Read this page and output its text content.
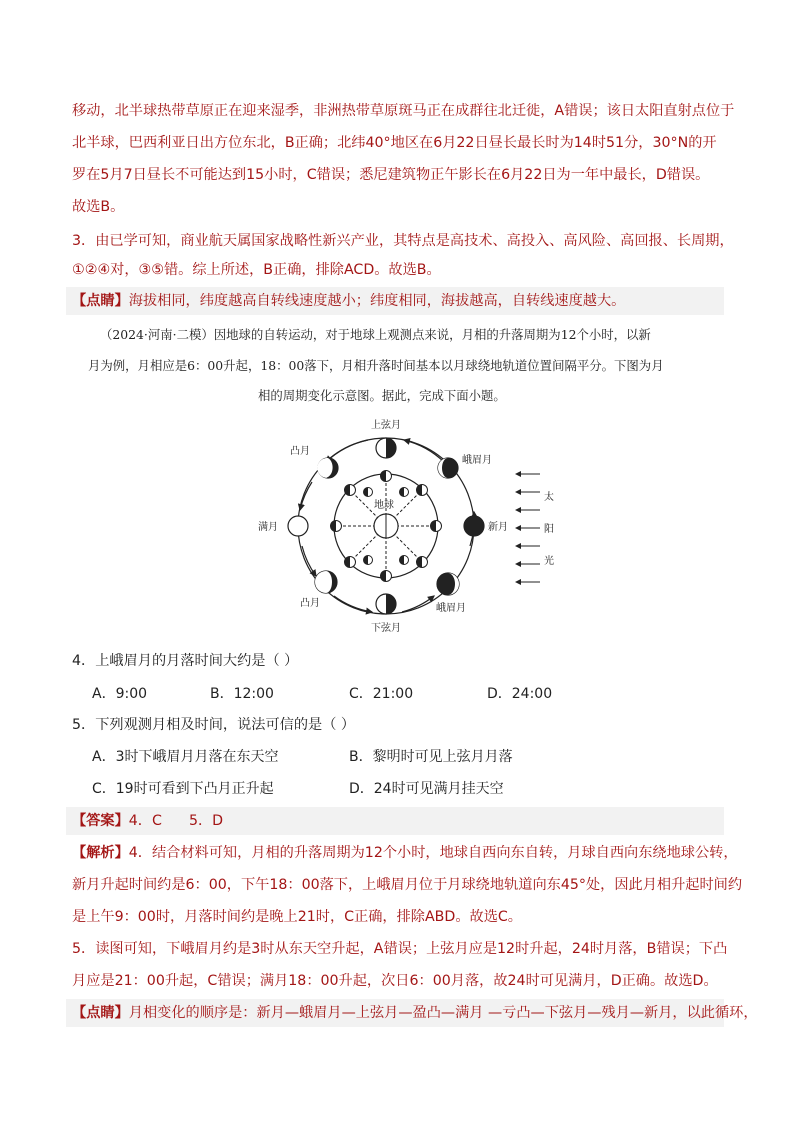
移动，北半球热带草原正在迎来湿季，非洲热带草原斑马正在成群往北迁徙，A错误；该日太阳直射点位于
北半球，巴西利亚日出方位东北，B正确；北纬40°地区在6月22日昼长最长时为14时51分，30°N的开
罗在5月7日昼长不可能达到15小时，C错误；悉尼建筑物正午影长在6月22日为一年中最长，D错误。
故选B。
3．由已学可知，商业航天属国家战略性新兴产业，其特点是高技术、高投入、高风险、高回报、长周期，
①②④对，③⑤错。综上所述，B正确，排除ACD。故选B。
【点睛】海拔相同，纬度越高自转线速度越小；纬度相同，海拔越高，自转线速度越大。
（2024·河南·二模）因地球的自转运动，对于地球上观测点来说，月相的升落周期为12个小时，以新
月为例，月相应是6：00升起，18：00落下，月相升落时间基本以月球绕地轨道位置间隔平分。下图为月
相的周期变化示意图。据此，完成下面小题。
地球
上弦月
凸月
满月
凸月
下弦月
峨眉月
新月
峨眉月
太
阳
光
4．上峨眉月的月落时间大约是（ ）
A．9:00	B．12:00	C．21:00	D．24:00
5．下列观测月相及时间，说法可信的是（ ）
A．3时下峨眉月月落在东天空	B．黎明时可见上弦月月落
C．19时可看到下凸月正升起	D．24时可见满月挂天空
【答案】4．C      5．D
【解析】4．结合材料可知，月相的升落周期为12个小时，地球自西向东自转，月球自西向东绕地球公转，
新月升起时间约是6：00，下午18：00落下，上峨眉月位于月球绕地轨道向东45°处，因此月相升起时间约
是上午9：00时，月落时间约是晚上21时，C正确，排除ABD。故选C。
5．读图可知，下峨眉月约是3时从东天空升起，A错误；上弦月应是12时升起，24时月落，B错误；下凸
月应是21：00升起，C错误；满月18：00升起，次日6：00月落，故24时可见满月，D正确。故选D。
【点睛】月相变化的顺序是：新月—蛾眉月—上弦月—盈凸—满月 —亏凸—下弦月—残月—新月，以此循环，
